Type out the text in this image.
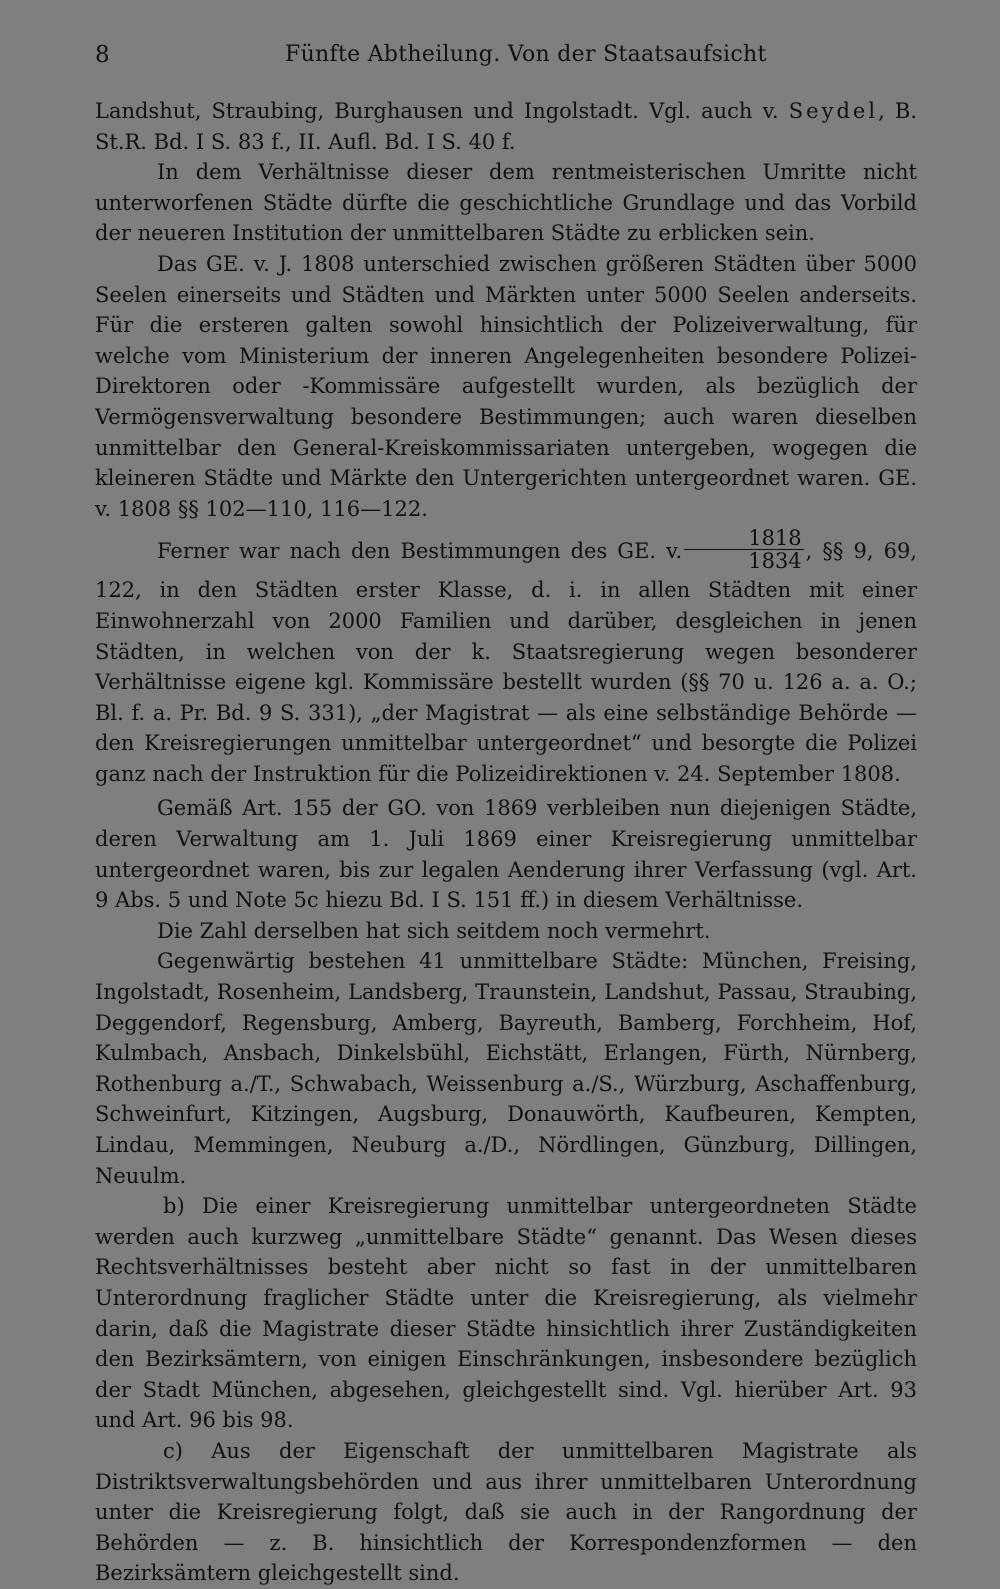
8	Fünfte Abtheilung. Von der Staatsaufsicht

Landshut, Straubing, Burghausen und Ingolstadt. Vgl. auch v. Seydel, B. St.R. Bd. I S. 83 f., II. Aufl. Bd. I S. 40 f.

In dem Verhältnisse dieser dem rentmeisterischen Umritte nicht unterworfenen Städte dürfte die geschichtliche Grundlage und das Vorbild der neueren Institution der unmittelbaren Städte zu erblicken sein.

Das GE. v. J. 1808 unterschied zwischen größeren Städten über 5000 Seelen einerseits und Städten und Märkten unter 5000 Seelen anderseits. Für die ersteren galten sowohl hinsichtlich der Polizeiverwaltung, für welche vom Ministerium der inneren Angelegenheiten besondere Polizei-Direktoren oder -Kommissäre aufgestellt wurden, als bezüglich der Vermögensverwaltung besondere Bestimmungen; auch waren dieselben unmittelbar den General-Kreiskommissariaten untergeben, wogegen die kleineren Städte und Märkte den Untergerichten untergeordnet waren. GE. v. 1808 §§ 102—110, 116—122.

Ferner war nach den Bestimmungen des GE. v. $\frac{1818}{1834}$ , §§ 9, 69, 122, in den Städten erster Klasse, d. i. in allen Städten mit einer Einwohnerzahl von 2000 Familien und darüber, desgleichen in jenen Städten, in welchen von der k. Staatsregierung wegen besonderer Verhältnisse eigene kgl. Kommissäre bestellt wurden (§§ 70 u. 126 a. a. O.; Bl. f. a. Pr. Bd. 9 S. 331), „der Magistrat — als eine selbständige Behörde — den Kreisregierungen unmittelbar untergeordnet“ und besorgte die Polizei ganz nach der Instruktion für die Polizeidirektionen v. 24. September 1808.

Gemäß Art. 155 der GO. von 1869 verbleiben nun diejenigen Städte, deren Verwaltung am 1. Juli 1869 einer Kreisregierung unmittelbar untergeordnet waren, bis zur legalen Aenderung ihrer Verfassung (vgl. Art. 9 Abs. 5 und Note 5c hiezu Bd. I S. 151 ff.) in diesem Verhältnisse.

Die Zahl derselben hat sich seitdem noch vermehrt.

Gegenwärtig bestehen 41 unmittelbare Städte: München, Freising, Ingolstadt, Rosenheim, Landsberg, Traunstein, Landshut, Passau, Straubing, Deggendorf, Regensburg, Amberg, Bayreuth, Bamberg, Forchheim, Hof, Kulmbach, Ansbach, Dinkelsbühl, Eichstätt, Erlangen, Fürth, Nürnberg, Rothenburg a./T., Schwabach, Weissenburg a./S., Würzburg, Aschaffenburg, Schweinfurt, Kitzingen, Augsburg, Donauwörth, Kaufbeuren, Kempten, Lindau, Memmingen, Neuburg a./D., Nördlingen, Günzburg, Dillingen, Neuulm.

b) Die einer Kreisregierung unmittelbar untergeordneten Städte werden auch kurzweg „unmittelbare Städte“ genannt. Das Wesen dieses Rechtsverhältnisses besteht aber nicht so fast in der unmittelbaren Unterordnung fraglicher Städte unter die Kreisregierung, als vielmehr darin, daß die Magistrate dieser Städte hinsichtlich ihrer Zuständigkeiten den Bezirksämtern, von einigen Einschränkungen, insbesondere bezüglich der Stadt München, abgesehen, gleichgestellt sind. Vgl. hierüber Art. 93 und Art. 96 bis 98.

c) Aus der Eigenschaft der unmittelbaren Magistrate als Distriktsverwaltungsbehörden und aus ihrer unmittelbaren Unterordnung unter die Kreisregierung folgt, daß sie auch in der Rangordnung der Behörden — z. B. hinsichtlich der Korrespondenzformen — den Bezirksämtern gleichgestellt sind.
